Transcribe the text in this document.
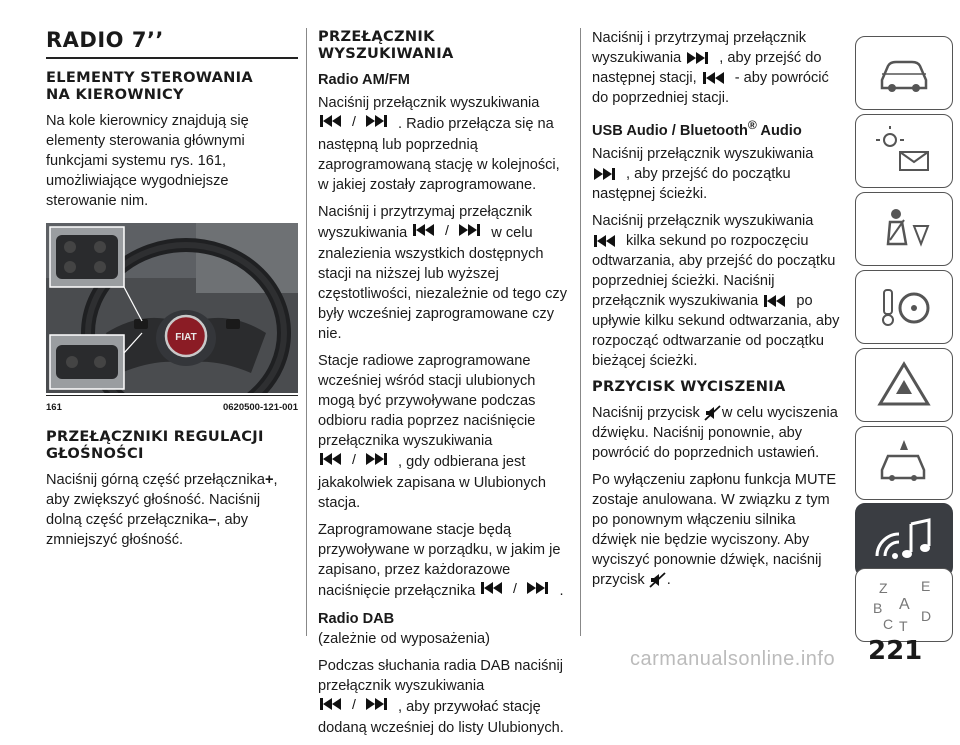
RADIO 7’’
ELEMENTY STEROWANIA
NA KIEROWNICY

Na kole kierownicy znajdują się elementy sterowania głównymi funkcjami systemu rys. 161, umożliwiające wygodniejsze sterowanie nim.

FIAT
161	0620500-121-001
PRZEŁĄCZNIKI REGULACJI
GŁOŚNOŚCI

Naciśnij górną część przełącznika+, aby zwiększyć głośność. Naciśnij dolną część przełącznika–, aby zmniejszyć głośność.

PRZEŁĄCZNIK WYSZUKIWANIA
Radio AM/FM

Naciśnij przełącznik wyszukiwania

/	. Radio przełącza się na następną lub poprzednią zaprogramowaną stację w kolejności, w jakiej zostały zaprogramowane.

Naciśnij i przytrzymaj przełącznik wyszukiwania	/	w celu znalezienia wszystkich dostępnych stacji na niższej lub wyższej częstotliwości, niezależnie od tego czy były wcześniej zaprogramowane czy nie.

Stacje radiowe zaprogramowane wcześniej wśród stacji ulubionych mogą być przywoływane podczas odbioru radia poprzez naciśnięcie przełącznika wyszukiwania
/	, gdy odbierana jest jakakolwiek zapisana w Ulubionych stacja.

Zaprogramowane stacje będą przywoływane w porządku, w jakim je zapisano, przez każdorazowe naciśnięcie przełącznika	/	.

Radio DAB

(zależnie od wyposażenia)

Podczas słuchania radia DAB naciśnij przełącznik wyszukiwania
/	, aby przywołać stację dodaną wcześniej do listy Ulubionych.

Naciśnij i przytrzymaj przełącznik wyszukiwania	, aby przejść do następnej stacji,	- aby powrócić do poprzedniej stacji.

USB Audio / Bluetooth® Audio

Naciśnij przełącznik wyszukiwania
, aby przejść do początku następnej ścieżki.

Naciśnij przełącznik wyszukiwania
kilka sekund po rozpoczęciu odtwarzania, aby przejść do początku poprzedniej ścieżki. Naciśnij przełącznik wyszukiwania	po upływie kilku sekund odtwarzania, aby rozpocząć odtwarzanie od początku bieżącej ścieżki.

PRZYCISK WYCISZENIA

Naciśnij przycisk w celu wyciszenia dźwięku. Naciśnij ponownie, aby powrócić do poprzednich ustawień.

Po wyłączeniu zapłonu funkcja MUTE zostaje anulowana. W związku z tym po ponownym włączeniu silnika dźwięk nie będzie wyciszony. Aby wyciszyć ponownie dźwięk, naciśnij przycisk .

Z E
B A
C T
D
carmanualsonline.info 221
